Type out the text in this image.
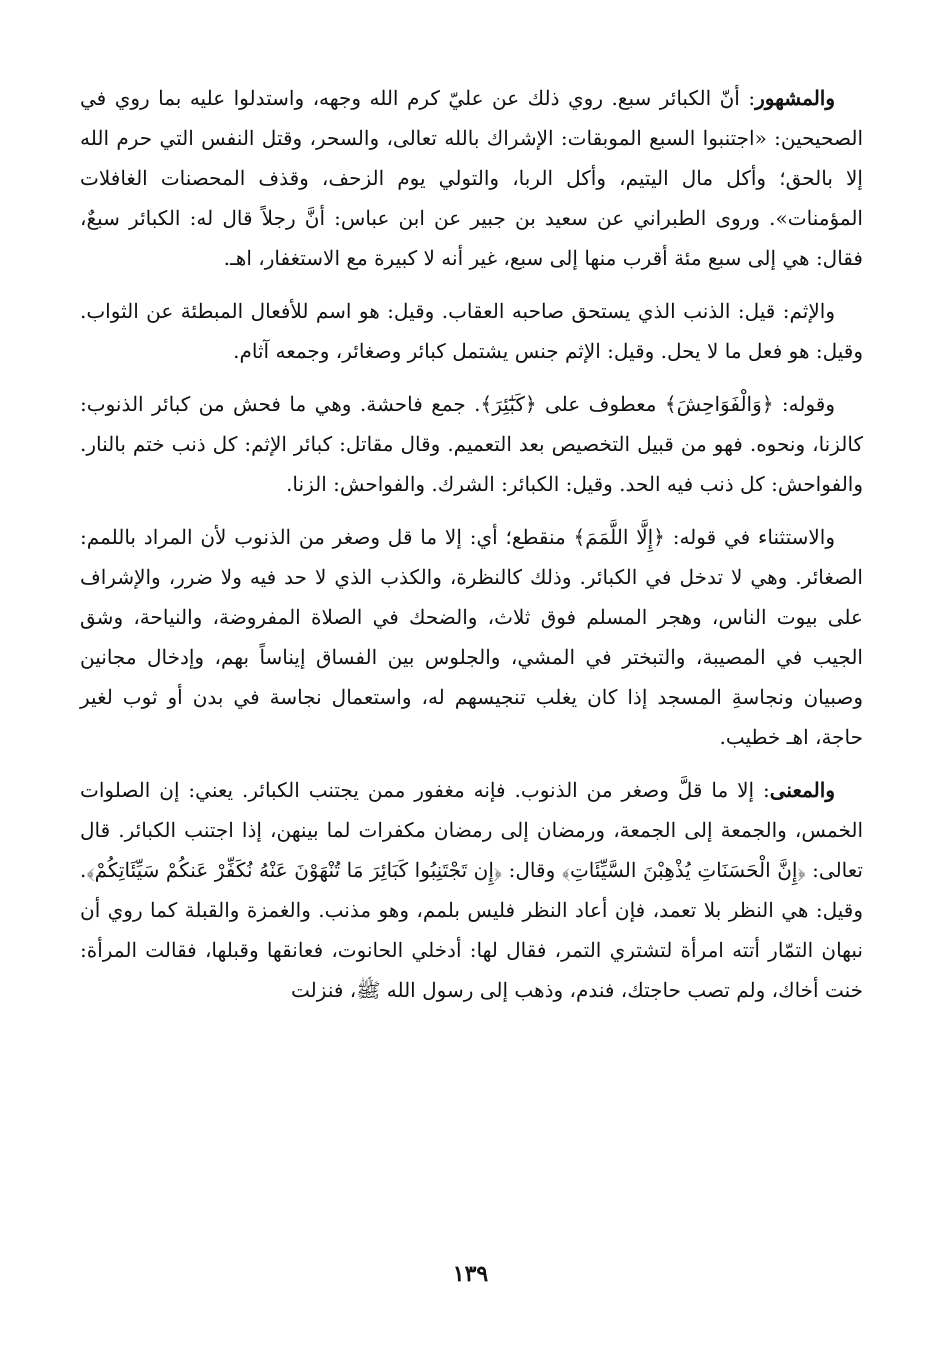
والمشهور: أنّ الكبائر سبع. روي ذلك عن عليّ كرم الله وجهه، واستدلوا عليه بما روي في الصحيحين: «اجتنبوا السبع الموبقات: الإشراك بالله تعالى، والسحر، وقتل النفس التي حرم الله إلا بالحق؛ وأكل مال اليتيم، وأكل الربا، والتولي يوم الزحف، وقذف المحصنات الغافلات المؤمنات». وروى الطبراني عن سعيد بن جبير عن ابن عباس: أنَّ رجلاً قال له: الكبائر سبعٌ، فقال: هي إلى سبع مئة أقرب منها إلى سبع، غير أنه لا كبيرة مع الاستغفار، اهـ.

والإثم: قيل: الذنب الذي يستحق صاحبه العقاب. وقيل: هو اسم للأفعال المبطئة عن الثواب. وقيل: هو فعل ما لا يحل. وقيل: الإثم جنس يشتمل كبائر وصغائر، وجمعه آثام.

وقوله: ﴿وَالْفَوَاحِشَ﴾ معطوف على ﴿كَبَٰٓئِرَ﴾. جمع فاحشة. وهي ما فحش من كبائر الذنوب: كالزنا، ونحوه. فهو من قبيل التخصيص بعد التعميم. وقال مقاتل: كبائر الإثم: كل ذنب ختم بالنار. والفواحش: كل ذنب فيه الحد. وقيل: الكبائر: الشرك. والفواحش: الزنا.

والاستثناء في قوله: ﴿إِلَّا اللَّمَمَ﴾ منقطع؛ أي: إلا ما قل وصغر من الذنوب لأن المراد باللمم: الصغائر. وهي لا تدخل في الكبائر. وذلك كالنظرة، والكذب الذي لا حد فيه ولا ضرر، والإشراف على بيوت الناس، وهجر المسلم فوق ثلاث، والضحك في الصلاة المفروضة، والنياحة، وشق الجيب في المصيبة، والتبختر في المشي، والجلوس بين الفساق إيناساً بهم، وإدخال مجانين وصبيان ونجاسةِ المسجد إذا كان يغلب تنجيسهم له، واستعمال نجاسة في بدن أو ثوب لغير حاجة، اهـ خطيب.

والمعنى: إلا ما قلَّ وصغر من الذنوب. فإنه مغفور ممن يجتنب الكبائر. يعني: إن الصلوات الخمس، والجمعة إلى الجمعة، ورمضان إلى رمضان مكفرات لما بينهن، إذا اجتنب الكبائر. قال تعالى: ﴿إِنَّ الْحَسَنَاتِ يُذْهِبْنَ السَّيِّئَاتِ﴾ وقال: ﴿إِن تَجْتَنِبُوا كَبَائِرَ مَا تُنْهَوْنَ عَنْهُ نُكَفِّرْ عَنكُمْ سَيِّئَاتِكُمْ﴾. وقيل: هي النظر بلا تعمد، فإن أعاد النظر فليس بلمم، وهو مذنب. والغمزة والقبلة كما روي أن نبهان التمّار أتته امرأة لتشتري التمر، فقال لها: أدخلي الحانوت، فعانقها وقبلها، فقالت المرأة: خنت أخاك، ولم تصب حاجتك، فندم، وذهب إلى رسول الله ﷺ، فنزلت

١٣٩
